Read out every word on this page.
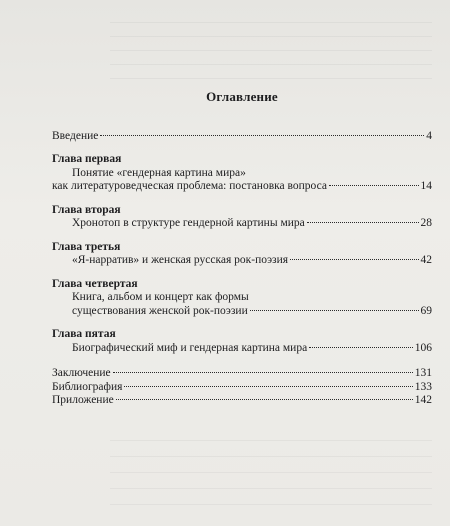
Оглавление
Введение	4
Глава первая
Понятие «гендерная картина мира»
как литературоведческая проблема: постановка вопроса	14
Глава вторая
Хронотоп в структуре гендерной картины мира	28
Глава третья
«Я-нарратив» и женская русская рок-поэзия	42
Глава четвертая
Книга, альбом и концерт как формы
существования женской рок-поэзии	69
Глава пятая
Биографический миф и гендерная картина мира	106
Заключение	131
Библиография	133
Приложение	142
